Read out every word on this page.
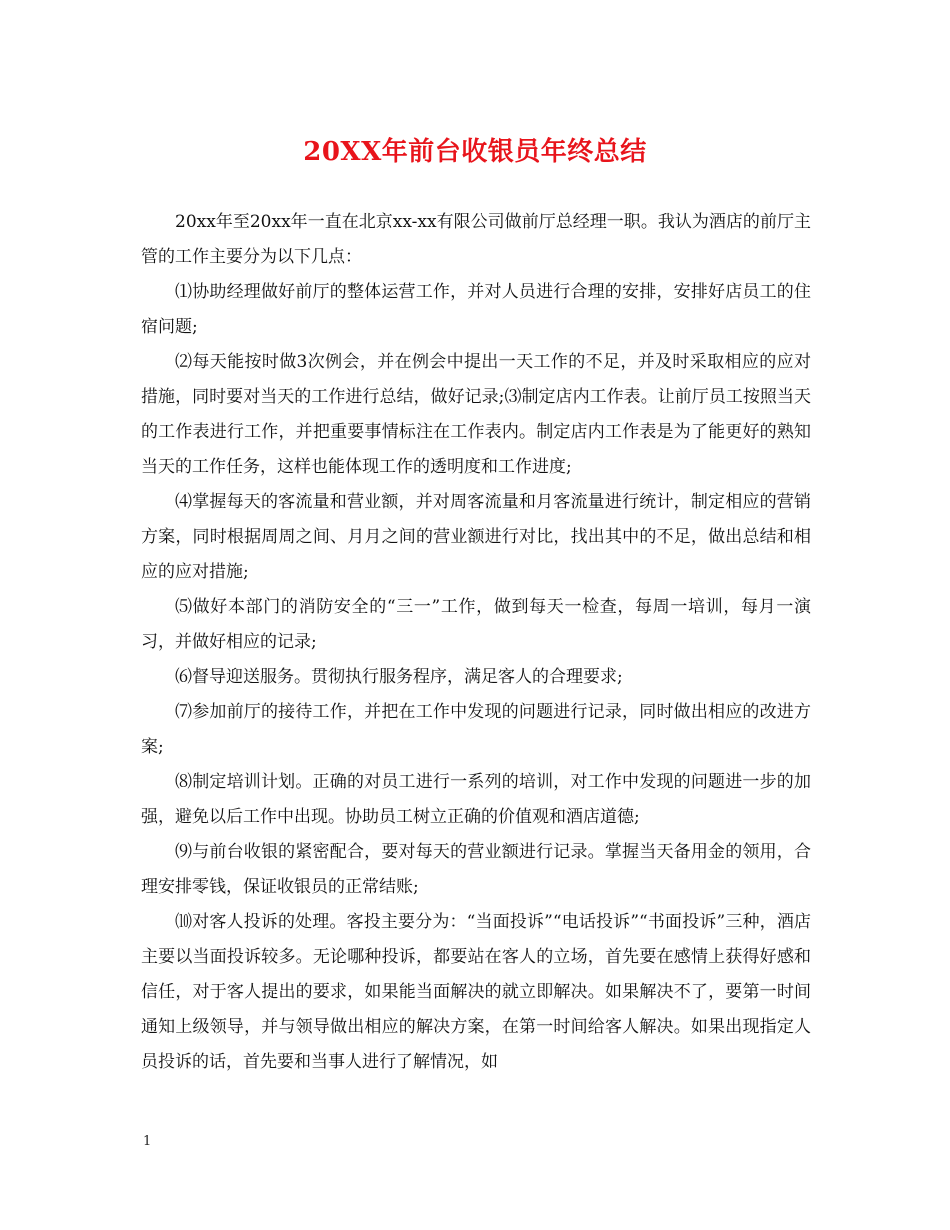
20XX年前台收银员年终总结

20xx年至20xx年一直在北京xx-xx有限公司做前厅总经理一职。我认为酒店的前厅主管的工作主要分为以下几点：

⑴协助经理做好前厅的整体运营工作，并对人员进行合理的安排，安排好店员工的住宿问题;

⑵每天能按时做3次例会，并在例会中提出一天工作的不足，并及时采取相应的应对措施，同时要对当天的工作进行总结，做好记录;⑶制定店内工作表。让前厅员工按照当天的工作表进行工作，并把重要事情标注在工作表内。制定店内工作表是为了能更好的熟知当天的工作任务，这样也能体现工作的透明度和工作进度;

⑷掌握每天的客流量和营业额，并对周客流量和月客流量进行统计，制定相应的营销方案，同时根据周周之间、月月之间的营业额进行对比，找出其中的不足，做出总结和相应的应对措施;

⑸做好本部门的消防安全的“三一”工作，做到每天一检查，每周一培训，每月一演习，并做好相应的记录;

⑹督导迎送服务。贯彻执行服务程序，满足客人的合理要求;

⑺参加前厅的接待工作，并把在工作中发现的问题进行记录，同时做出相应的改进方案;

⑻制定培训计划。正确的对员工进行一系列的培训，对工作中发现的问题进一步的加强，避免以后工作中出现。协助员工树立正确的价值观和酒店道德;

⑼与前台收银的紧密配合，要对每天的营业额进行记录。掌握当天备用金的领用，合理安排零钱，保证收银员的正常结账;

⑽对客人投诉的处理。客投主要分为：“当面投诉”“电话投诉”“书面投诉”三种，酒店主要以当面投诉较多。无论哪种投诉，都要站在客人的立场，首先要在感情上获得好感和信任，对于客人提出的要求，如果能当面解决的就立即解决。如果解决不了，要第一时间通知上级领导，并与领导做出相应的解决方案，在第一时间给客人解决。如果出现指定人员投诉的话，首先要和当事人进行了解情况，如

1
